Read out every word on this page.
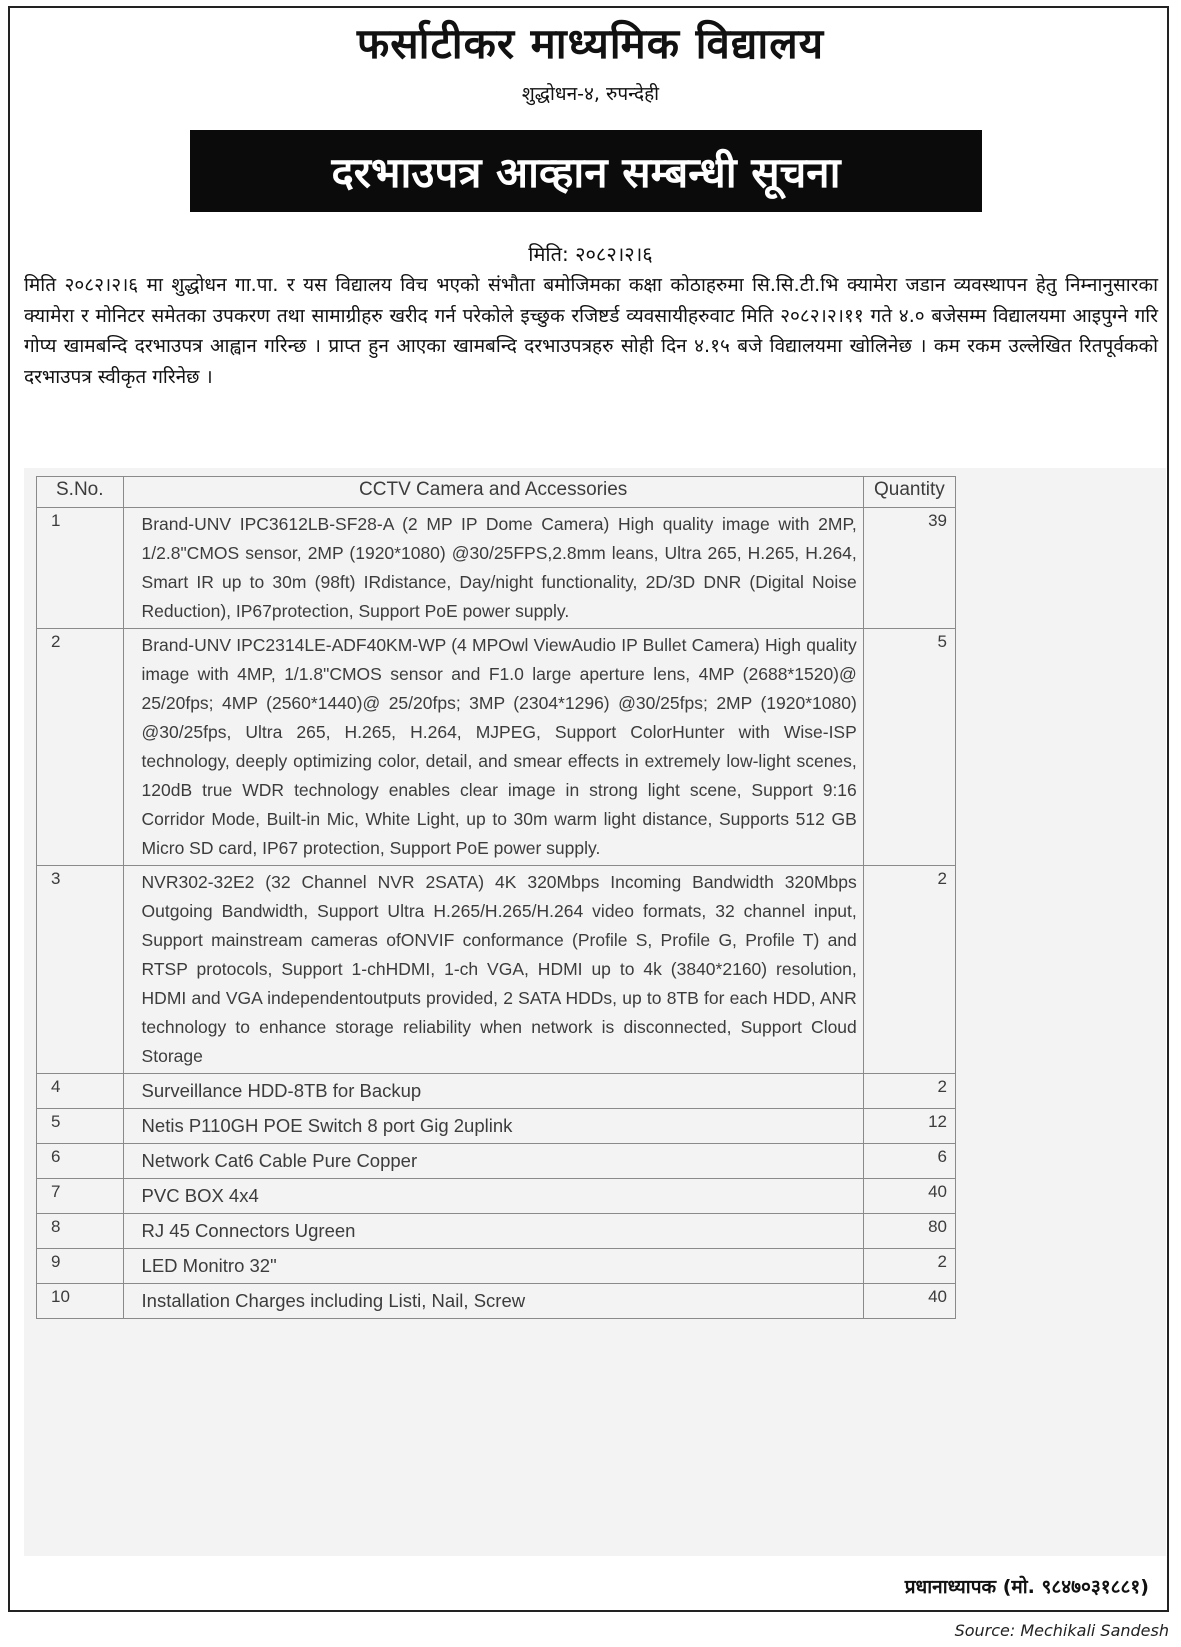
फर्साटीकर माध्यमिक विद्यालय
शुद्धोधन-४, रुपन्देही
दरभाउपत्र आव्हान सम्बन्धी सूचना
मिति: २०८२।२।६
मिति २०८२।२।६ मा शुद्धोधन गा.पा. र यस विद्यालय विच भएको संभौता बमोजिमका कक्षा कोठाहरुमा सि.सि.टी.भि क्यामेरा जडान व्यवस्थापन हेतु निम्नानुसारका क्यामेरा र मोनिटर समेतका उपकरण तथा सामाग्रीहरु खरीद गर्न परेकोले इच्छुक रजिष्टर्ड व्यवसायीहरुवाट मिति २०८२।२।११ गते ४.० बजेसम्म विद्यालयमा आइपुग्ने गरि गोप्य खामबन्दि दरभाउपत्र आह्वान गरिन्छ । प्राप्त हुन आएका खामबन्दि दरभाउपत्रहरु सोही दिन ४.१५ बजे विद्यालयमा खोलिनेछ । कम रकम उल्लेखित रितपूर्वकको दरभाउपत्र स्वीकृत गरिनेछ ।
S.No.	CCTV Camera and Accessories	Quantity
1	Brand-UNV IPC3612LB-SF28-A (2 MP IP Dome Camera) High quality image with 2MP, 1/2.8"CMOS sensor, 2MP (1920*1080) @30/25FPS,2.8mm leans, Ultra 265, H.265, H.264, Smart IR up to 30m (98ft) IRdistance, Day/night functionality, 2D/3D DNR (Digital Noise Reduction), IP67protection, Support PoE power supply.	39
2	Brand-UNV IPC2314LE-ADF40KM-WP (4 MPOwl ViewAudio IP Bullet Camera) High quality image with 4MP, 1/1.8"CMOS sensor and F1.0 large aperture lens, 4MP (2688*1520)@ 25/20fps; 4MP (2560*1440)@ 25/20fps; 3MP (2304*1296) @30/25fps; 2MP (1920*1080) @30/25fps, Ultra 265, H.265, H.264, MJPEG, Support ColorHunter with Wise-ISP technology, deeply optimizing color, detail, and smear effects in extremely low-light scenes, 120dB true WDR technology enables clear image in strong light scene, Support 9:16 Corridor Mode, Built-in Mic, White Light, up to 30m warm light distance, Supports 512 GB Micro SD card, IP67 protection, Support PoE power supply.	5
3	NVR302-32E2 (32 Channel NVR 2SATA) 4K 320Mbps Incoming Bandwidth 320Mbps Outgoing Bandwidth, Support Ultra H.265/H.265/H.264 video formats, 32 channel input, Support mainstream cameras ofONVIF conformance (Profile S, Profile G, Profile T) and RTSP protocols, Support 1-chHDMI, 1-ch VGA, HDMI up to 4k (3840*2160) resolution, HDMI and VGA independentoutputs provided, 2 SATA HDDs, up to 8TB for each HDD, ANR technology to enhance storage reliability when network is disconnected, Support Cloud Storage	2
4	Surveillance HDD-8TB for Backup	2
5	Netis P110GH POE Switch 8 port Gig 2uplink	12
6	Network Cat6 Cable Pure Copper	6
7	PVC BOX 4x4	40
8	RJ 45 Connectors Ugreen	80
9	LED Monitro 32"	2
10	Installation Charges including Listi, Nail, Screw	40
प्रधानाध्यापक (मो. ९८४७०३१८८१)
Source: Mechikali Sandesh
